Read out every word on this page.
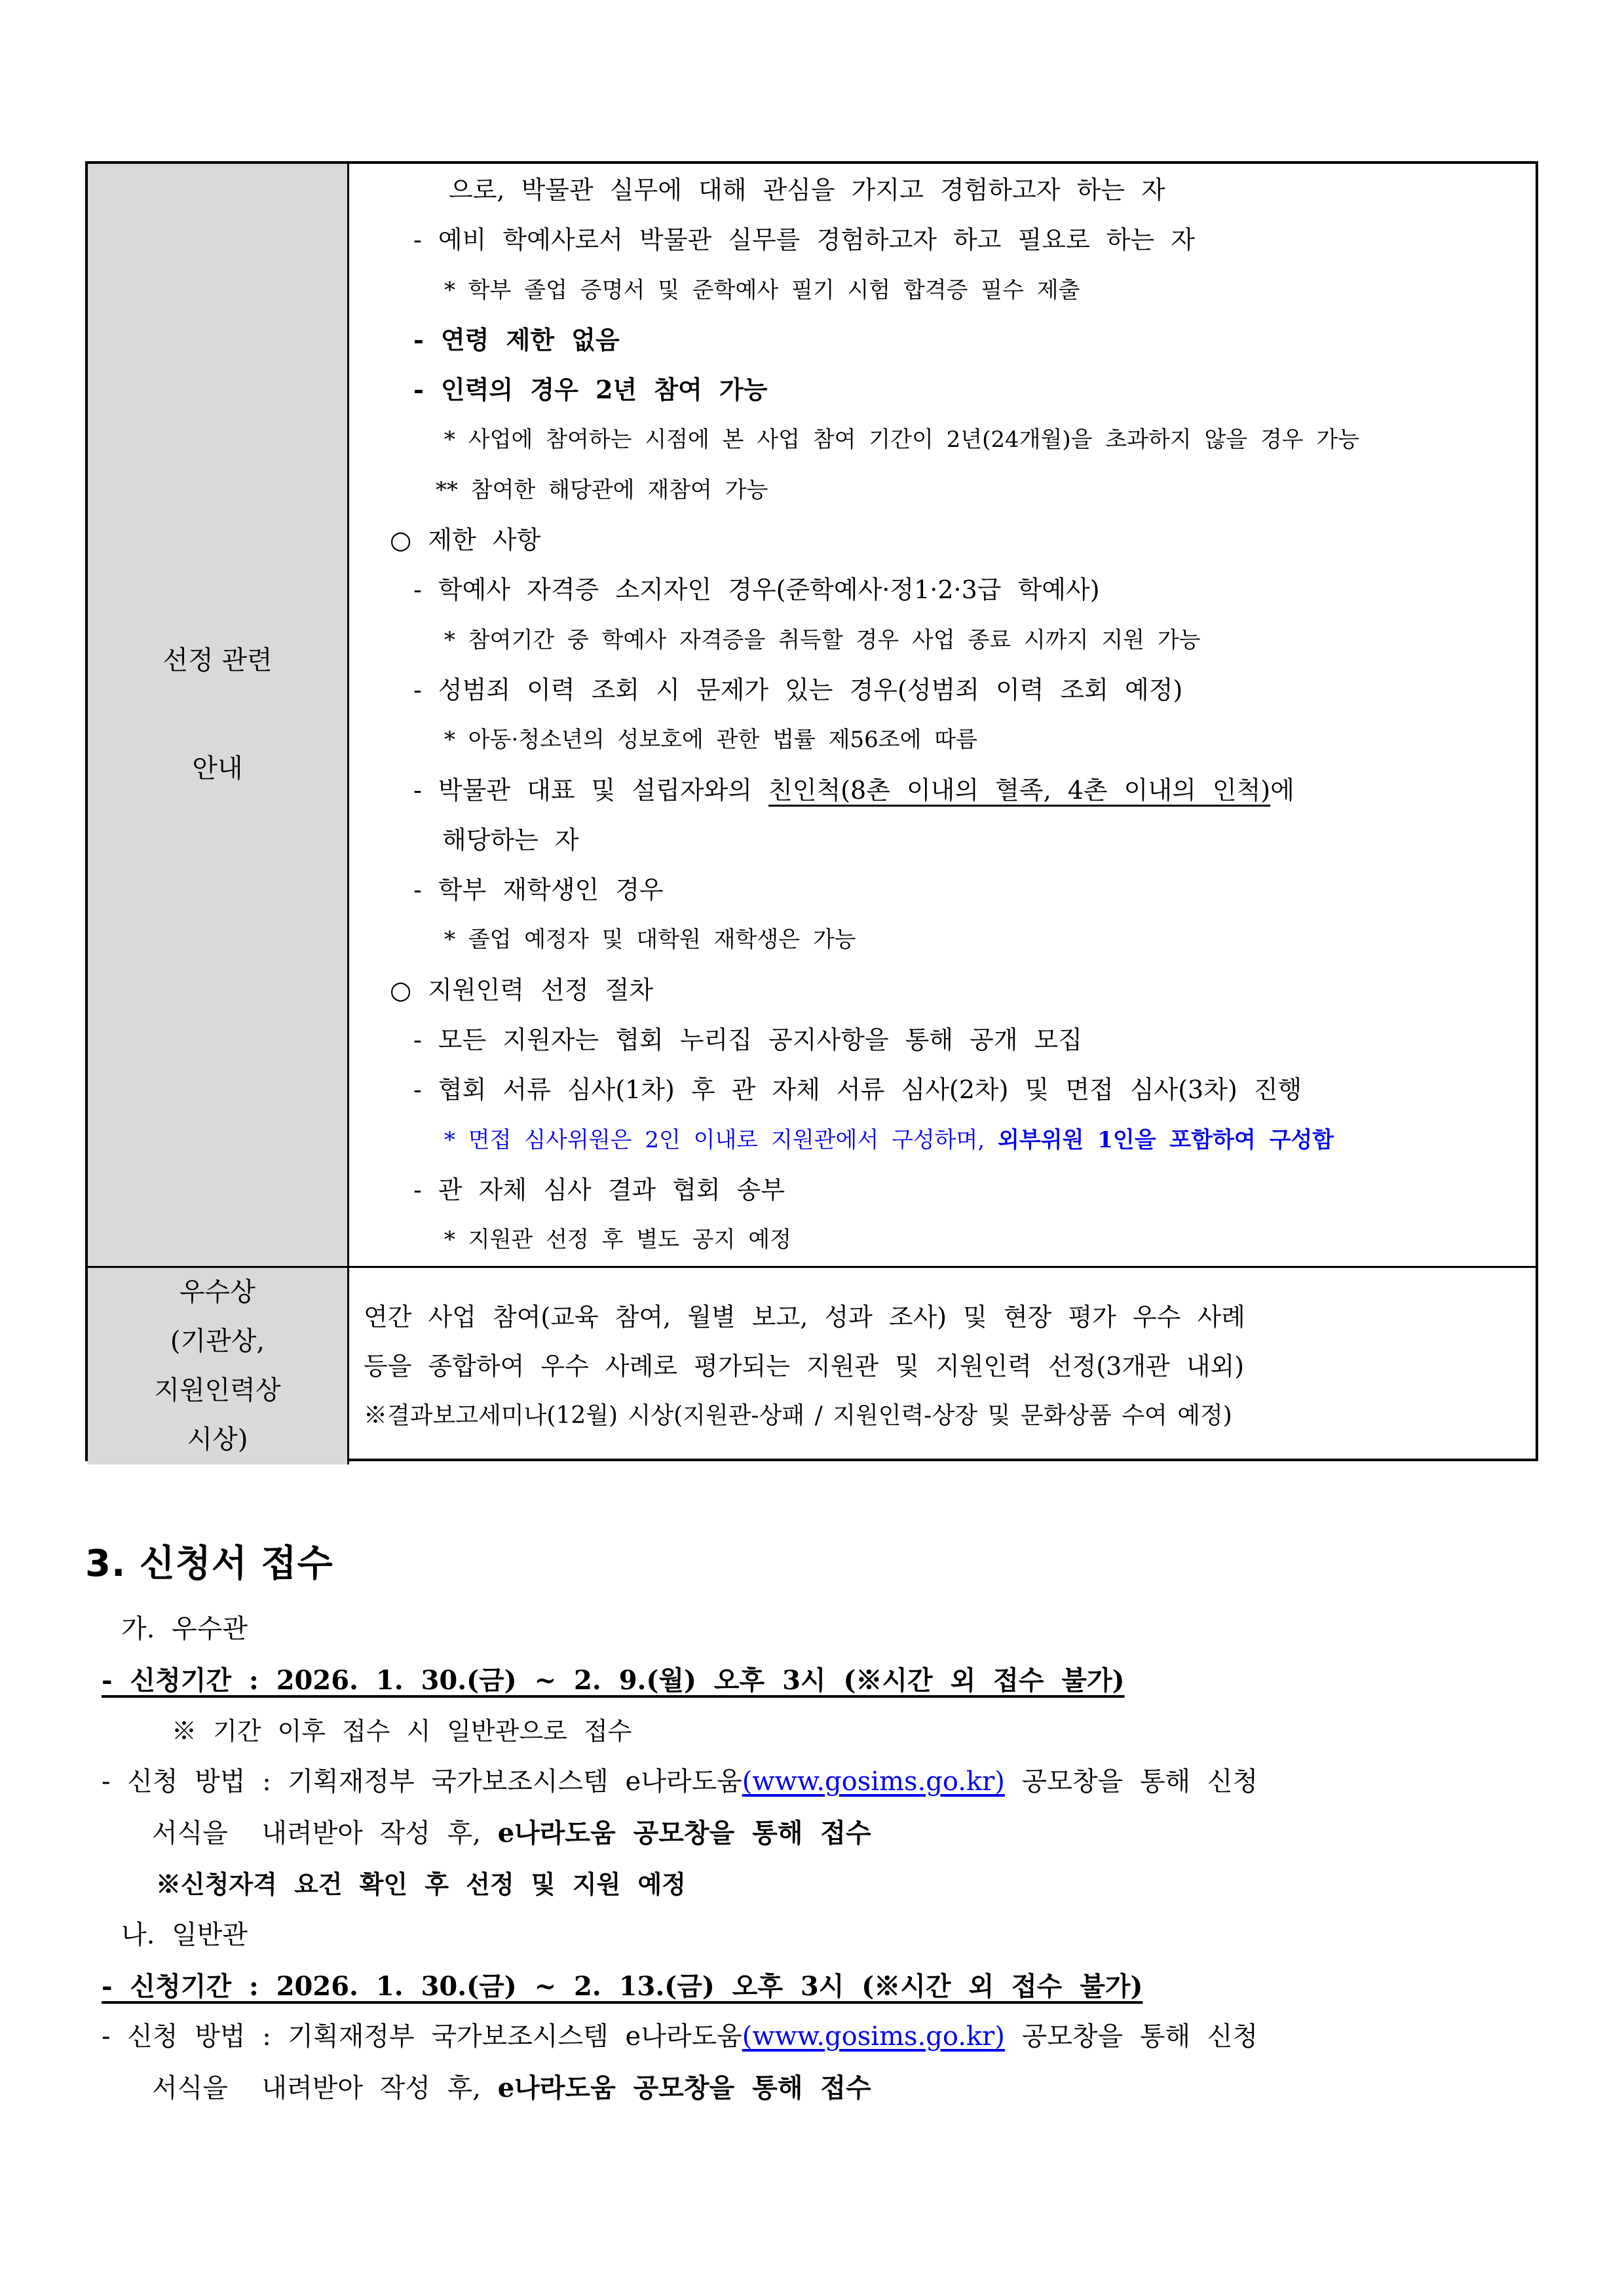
선정 관련
안내
으로, 박물관 실무에 대해 관심을 가지고 경험하고자 하는 자
- 예비 학예사로서 박물관 실무를 경험하고자 하고 필요로 하는 자
* 학부 졸업 증명서 및 준학예사 필기 시험 합격증 필수 제출
- 연령 제한 없음
- 인력의 경우 2년 참여 가능
* 사업에 참여하는 시점에 본 사업 참여 기간이 2년(24개월)을 초과하지 않을 경우 가능
** 참여한 해당관에 재참여 가능
○ 제한 사항
- 학예사 자격증 소지자인 경우(준학예사·정1·2·3급 학예사)
* 참여기간 중 학예사 자격증을 취득할 경우 사업 종료 시까지 지원 가능
- 성범죄 이력 조회 시 문제가 있는 경우(성범죄 이력 조회 예정)
* 아동·청소년의 성보호에 관한 법률 제56조에 따름
- 박물관 대표 및 설립자와의 친인척(8촌 이내의 혈족, 4촌 이내의 인척)에
해당하는 자
- 학부 재학생인 경우
* 졸업 예정자 및 대학원 재학생은 가능
○ 지원인력 선정 절차
- 모든 지원자는 협회 누리집 공지사항을 통해 공개 모집
- 협회 서류 심사(1차) 후 관 자체 서류 심사(2차) 및 면접 심사(3차) 진행
* 면접 심사위원은 2인 이내로 지원관에서 구성하며, 외부위원 1인을 포함하여 구성함
- 관 자체 심사 결과 협회 송부
* 지원관 선정 후 별도 공지 예정
우수상
(기관상,
지원인력상
시상)
연간 사업 참여(교육 참여, 월별 보고, 성과 조사) 및 현장 평가 우수 사례
등을 종합하여 우수 사례로 평가되는 지원관 및 지원인력 선정(3개관 내외)
※결과보고세미나(12월) 시상(지원관-상패 / 지원인력-상장 및 문화상품 수여 예정)
3. 신청서 접수
가. 우수관
- 신청기간 : 2026. 1. 30.(금) ~ 2. 9.(월) 오후 3시 (※시간 외 접수 불가)
※ 기간 이후 접수 시 일반관으로 접수
- 신청 방법 : 기획재정부 국가보조시스템 e나라도움(www.gosims.go.kr) 공모창을 통해 신청
서식을  내려받아 작성 후, e나라도움 공모창을 통해 접수
※신청자격 요건 확인 후 선정 및 지원 예정
나. 일반관
- 신청기간 : 2026. 1. 30.(금) ~ 2. 13.(금) 오후 3시 (※시간 외 접수 불가)
- 신청 방법 : 기획재정부 국가보조시스템 e나라도움(www.gosims.go.kr) 공모창을 통해 신청
서식을  내려받아 작성 후, e나라도움 공모창을 통해 접수
